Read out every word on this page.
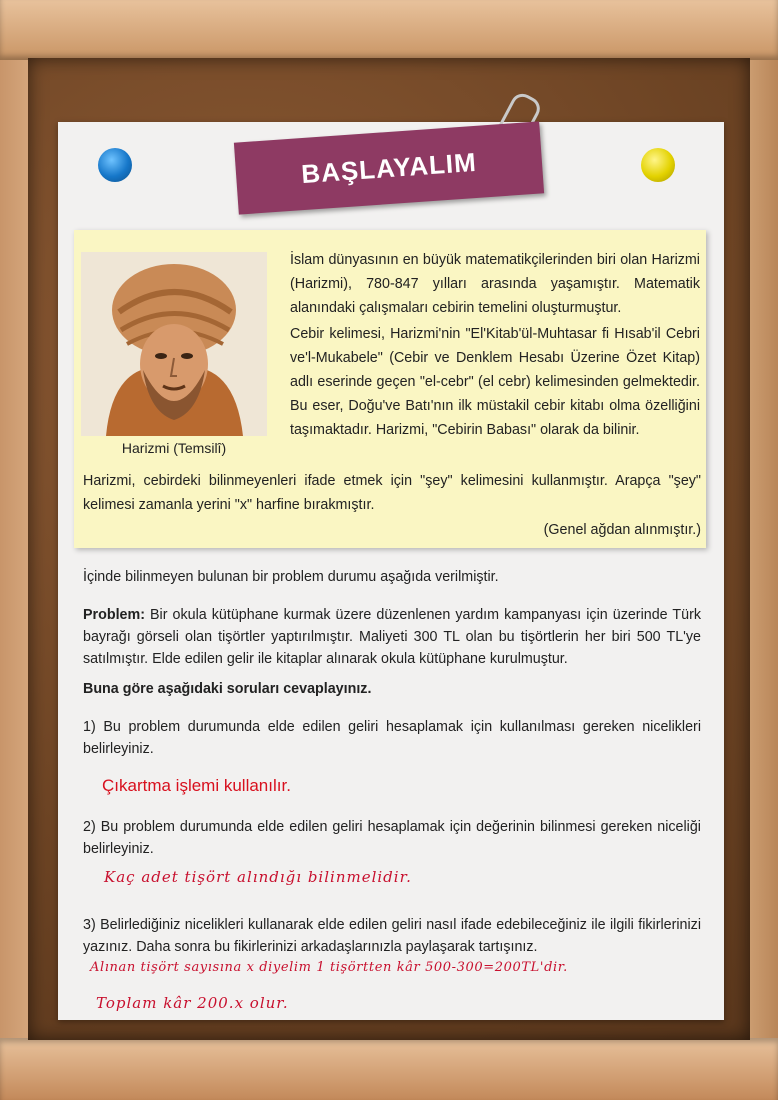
BAŞLAYALIM
Harizmi (Temsilî)
İslam dünyasının en büyük matematikçilerinden biri olan Harizmi (Harizmi), 780-847 yılları arasında yaşamıştır. Matematik alanındaki çalışmaları cebirin temelini oluşturmuştur.
Cebir kelimesi, Harizmi'nin "El'Kitab'ül-Muhtasar fi Hısab'il Cebri ve'l-Mukabele" (Cebir ve Denklem Hesabı Üzerine Özet Kitap) adlı eserinde geçen "el-cebr" (el cebr) kelimesinden gelmektedir. Bu eser, Doğu've Batı'nın ilk müstakil cebir kitabı olma özelliğini taşımaktadır. Harizmi, "Cebirin Babası" olarak da bilinir.
Harizmi, cebirdeki bilinmeyenleri ifade etmek için "şey" kelimesini kullanmıştır. Arapça "şey" kelimesi zamanla yerini "x" harfine bırakmıştır.
(Genel ağdan alınmıştır.)
İçinde bilinmeyen bulunan bir problem durumu aşağıda verilmiştir.
Problem: Bir okula kütüphane kurmak üzere düzenlenen yardım kampanyası için üzerinde Türk bayrağı görseli olan tişörtler yaptırılmıştır. Maliyeti 300 TL olan bu tişörtlerin her biri 500 TL'ye satılmıştır. Elde edilen gelir ile kitaplar alınarak okula kütüphane kurulmuştur.
Buna göre aşağıdaki soruları cevaplayınız.
1) Bu problem durumunda elde edilen geliri hesaplamak için kullanılması gereken nicelikleri belirleyiniz.
Çıkartma işlemi kullanılır.
2) Bu problem durumunda elde edilen geliri hesaplamak için değerinin bilinmesi gereken niceliği belirleyiniz.
Kaç adet tişört alındığı bilinmelidir.
3) Belirlediğiniz nicelikleri kullanarak elde edilen geliri nasıl ifade edebileceğiniz ile ilgili fikirlerinizi yazınız. Daha sonra bu fikirlerinizi arkadaşlarınızla paylaşarak tartışınız.
Alınan tişört sayısına x diyelim 1 tişörtten kâr 500-300=200TL'dir.
Toplam kâr 200.x olur.
